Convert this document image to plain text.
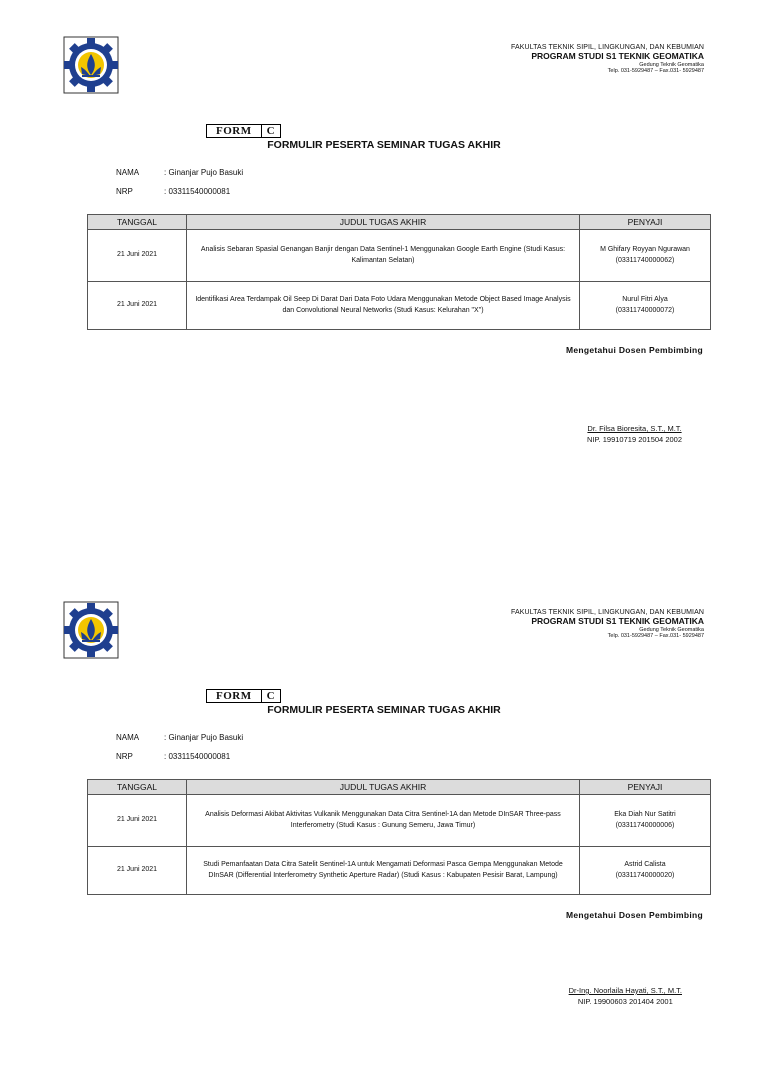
FAKULTAS TEKNIK SIPIL, LINGKUNGAN, DAN KEBUMIAN
PROGRAM STUDI S1 TEKNIK GEOMATIKA
Gedung Teknik Geomatika
Telp. 031-5929487 – Fax.031- 5929487
FORM	C
FORMULIR PESERTA SEMINAR TUGAS AKHIR
NAMA	: Ginanjar Pujo Basuki
NRP	: 03311540000081
TANGGAL	JUDUL TUGAS AKHIR	PENYAJI
21 Juni 2021	Analisis Sebaran Spasial Genangan Banjir dengan Data Sentinel-1 Menggunakan Google Earth Engine (Studi Kasus: Kalimantan Selatan)	M Ghifary Royyan Ngurawan
(03311740000062)

21 Juni 2021	Identifikasi Area Terdampak Oil Seep Di Darat Dari Data Foto Udara Menggunakan Metode Object Based Image Analysis dan Convolutional Neural Networks (Studi Kasus: Kelurahan "X")	Nurul Fitri Alya
(03311740000072)
Mengetahui Dosen Pembimbing
Dr. Filsa Bioresita, S.T., M.T.
NIP. 19910719 201504 2002
FAKULTAS TEKNIK SIPIL, LINGKUNGAN, DAN KEBUMIAN
PROGRAM STUDI S1 TEKNIK GEOMATIKA
Gedung Teknik Geomatika
Telp. 031-5929487 – Fax.031- 5929487
FORM	C
FORMULIR PESERTA SEMINAR TUGAS AKHIR
NAMA	: Ginanjar Pujo Basuki
NRP	: 03311540000081
TANGGAL	JUDUL TUGAS AKHIR	PENYAJI
21 Juni 2021	Analisis Deformasi Akibat Aktivitas Vulkanik Menggunakan Data Citra Sentinel-1A dan Metode DInSAR Three-pass Interferometry (Studi Kasus : Gunung Semeru, Jawa Timur)	Eka Diah Nur Satitri
(03311740000006)

21 Juni 2021	Studi Pemanfaatan Data Citra Satelit Sentinel-1A untuk Mengamati Deformasi Pasca Gempa Menggunakan Metode DInSAR (Differential Interferometry Synthetic Aperture Radar) (Studi Kasus : Kabupaten Pesisir Barat, Lampung)	Astrid Calista
(03311740000020)
Mengetahui Dosen Pembimbing
Dr-Ing. Noorlaila Hayati, S.T., M.T.
NIP. 19900603 201404 2001
